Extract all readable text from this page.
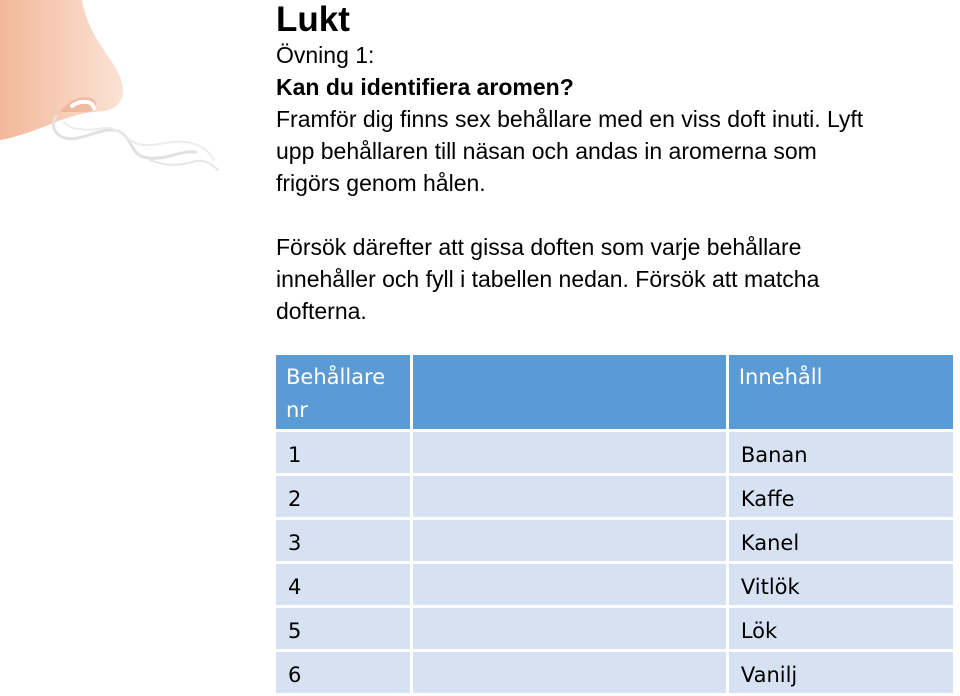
Lukt
Övning 1:
Kan du identifiera aromen?
Framför dig finns sex behållare med en viss doft inuti. Lyft
upp behållaren till näsan och andas in aromerna som
frigörs genom hålen.
Försök därefter att gissa doften som varje behållare
innehåller och fyll i tabellen nedan. Försök att matcha
dofterna.
Behållare nr		Innehåll

1		Banan

2		Kaffe

3		Kanel

4		Vitlök

5		Lök

6		Vanilj
